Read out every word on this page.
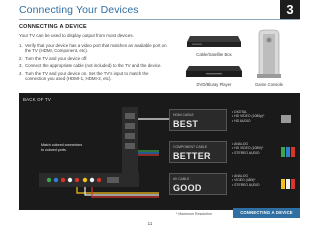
Connecting Your Devices	3
CONNECTING A DEVICE
Your TV can be used to display output from most devices.
1. Verify that your device has a video port that matches an available port on the TV (HDMI, Component, etc).
2. Turn the TV and your device off.
3. Connect the appropriate cable (not included) to the TV and the device.
4. Turn the TV and your device on. Set the TV's input to match the connection you used (HDMI-1, HDMI-2, etc).
Cable/Satellite Box
DVD/Bluray Player	Game Console
BACK OF TV
Match colored connectors
to colored ports.
HDMI CABLE
BEST
• DIGITAL
• HD VIDEO (1080p)*
• HD AUDIO
COMPONENT CABLE
BETTER
• ANALOG
• HD VIDEO (1080i)*
• STEREO AUDIO
AV CABLE
GOOD
• ANALOG
• VIDEO (480i)*
• STEREO AUDIO
* Maximum Resolution	CONNECTING A DEVICE
11
